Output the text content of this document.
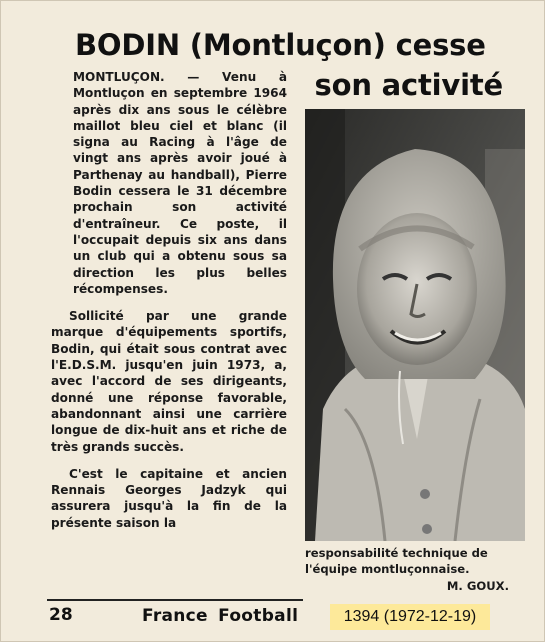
BODIN (Montluçon) cesse
son activité

MONTLUÇON. — Venu à Montluçon en septembre 1964 après dix ans sous le célèbre maillot bleu ciel et blanc (il signa au Racing à l'âge de vingt ans après avoir joué à Parthenay au handball), Pierre Bodin cessera le 31 décembre prochain son activité d'entraîneur. Ce poste, il l'occupait depuis six ans dans un club qui a obtenu sous sa direction les plus belles récompenses.

Sollicité par une grande marque d'équipements sportifs, Bodin, qui était sous contrat avec l'E.D.S.M. jusqu'en juin 1973, a, avec l'accord de ses dirigeants, donné une réponse favorable, abandonnant ainsi une carrière longue de dix-huit ans et riche de très grands succès.

C'est le capitaine et ancien Rennais Georges Jadzyk qui assurera jusqu'à la fin de la présente saison la

responsabilité technique de
l'équipe montluçonnaise.
M. GOUX.
28	France Football	1394 (1972-12-19)
